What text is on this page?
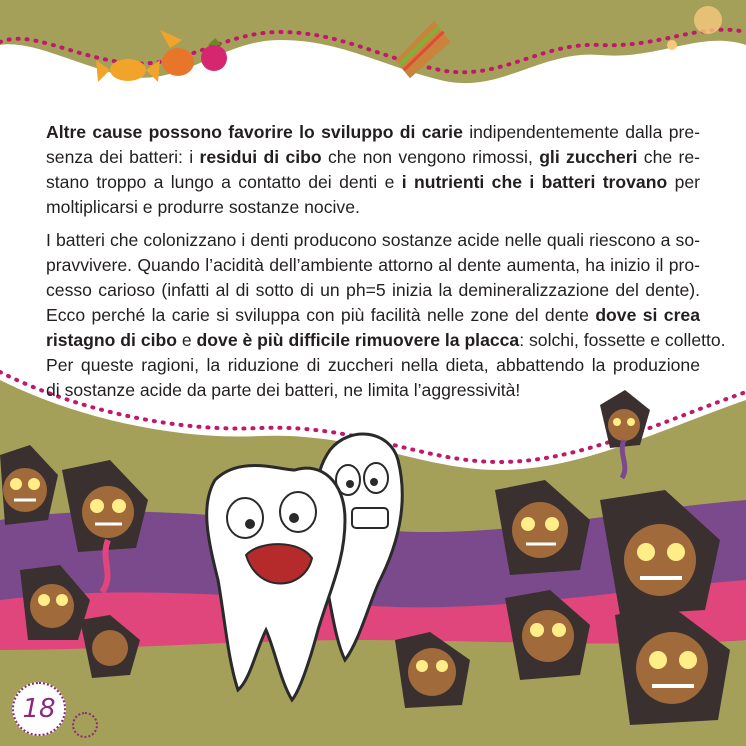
Altre cause possono favorire lo sviluppo di carie indipendentemente dalla pre-
senza dei batteri: i residui di cibo che non vengono rimossi, gli zuccheri che re-
stano troppo a lungo a contatto dei denti e i nutrienti che i batteri trovano per
moltiplicarsi e produrre sostanze nocive.
I batteri che colonizzano i denti producono sostanze acide nelle quali riescono a so-
pravvivere. Quando l’acidità dell’ambiente attorno al dente aumenta, ha inizio il pro-
cesso carioso (infatti al di sotto di un ph=5 inizia la demineralizzazione del dente).
Ecco perché la carie si sviluppa con più facilità nelle zone del dente dove si crea
ristagno di cibo e dove è più difficile rimuovere la placca: solchi, fossette e colletto.
Per queste ragioni, la riduzione di zuccheri nella dieta, abbattendo la produzione
di sostanze acide da parte dei batteri, ne limita l’aggressività!
18
